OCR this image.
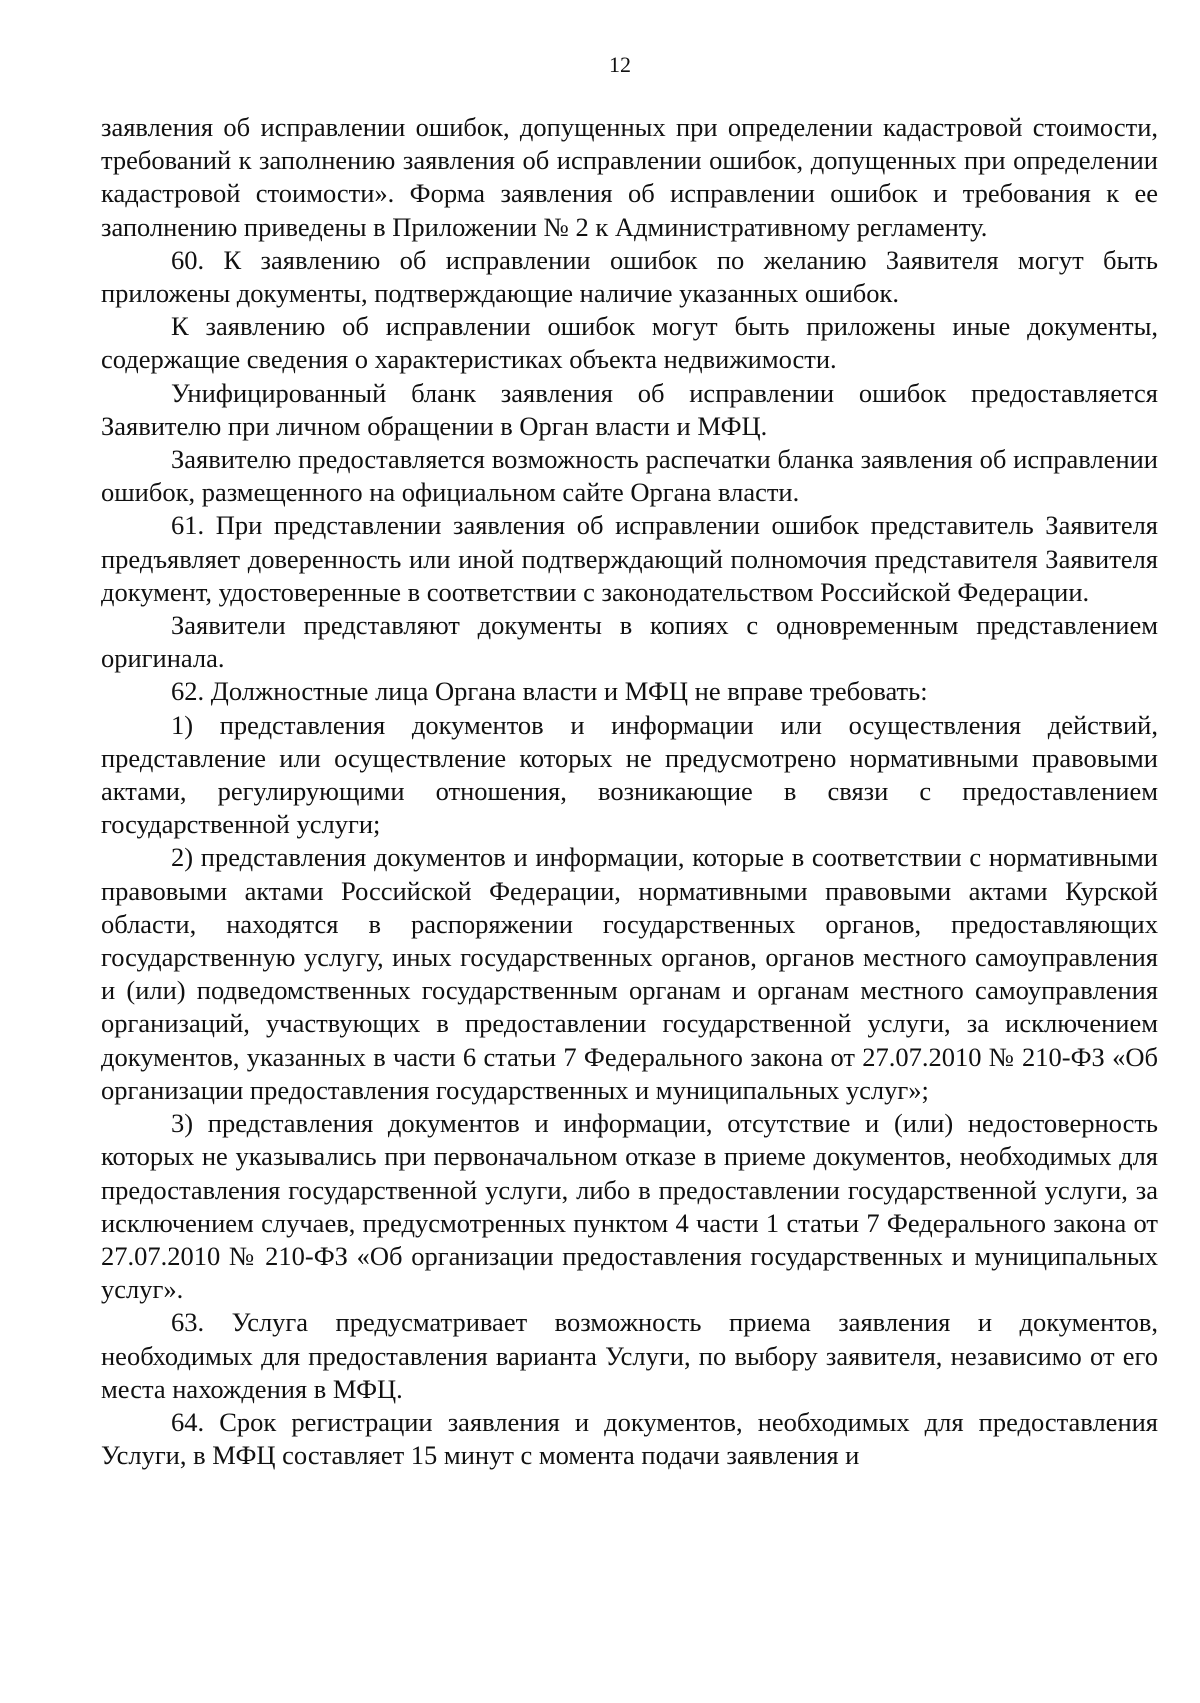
12

заявления об исправлении ошибок, допущенных при определении кадастровой стоимости, требований к заполнению заявления об исправлении ошибок, допущенных при определении кадастровой стоимости». Форма заявления об исправлении ошибок и требования к ее заполнению приведены в Приложении № 2 к Административному регламенту.

60. К заявлению об исправлении ошибок по желанию Заявителя могут быть приложены документы, подтверждающие наличие указанных ошибок.

К заявлению об исправлении ошибок могут быть приложены иные документы, содержащие сведения о характеристиках объекта недвижимости.

Унифицированный бланк заявления об исправлении ошибок предоставляется Заявителю при личном обращении в Орган власти и МФЦ.

Заявителю предоставляется возможность распечатки бланка заявления об исправлении ошибок, размещенного на официальном сайте Органа власти.

61. При представлении заявления об исправлении ошибок представитель Заявителя предъявляет доверенность или иной подтверждающий полномочия представителя Заявителя документ, удостоверенные в соответствии с законодательством Российской Федерации.

Заявители представляют документы в копиях с одновременным представлением оригинала.

62. Должностные лица Органа власти и МФЦ не вправе требовать:

1) представления документов и информации или осуществления действий, представление или осуществление которых не предусмотрено нормативными правовыми актами, регулирующими отношения, возникающие в связи с предоставлением государственной услуги;

2) представления документов и информации, которые в соответствии с нормативными правовыми актами Российской Федерации, нормативными правовыми актами Курской области, находятся в распоряжении государственных органов, предоставляющих государственную услугу, иных государственных органов, органов местного самоуправления и (или) подведомственных государственным органам и органам местного самоуправления организаций, участвующих в предоставлении государственной услуги, за исключением документов, указанных в части 6 статьи 7 Федерального закона от 27.07.2010 № 210-ФЗ «Об организации предоставления государственных и муниципальных услуг»;

3) представления документов и информации, отсутствие и (или) недостоверность которых не указывались при первоначальном отказе в приеме документов, необходимых для предоставления государственной услуги, либо в предоставлении государственной услуги, за исключением случаев, предусмотренных пунктом 4 части 1 статьи 7 Федерального закона от 27.07.2010 № 210-ФЗ «Об организации предоставления государственных и муниципальных услуг».

63. Услуга предусматривает возможность приема заявления и документов, необходимых для предоставления варианта Услуги, по выбору заявителя, независимо от его места нахождения в МФЦ.

64. Срок регистрации заявления и документов, необходимых для предоставления Услуги, в МФЦ составляет 15 минут с момента подачи заявления и
